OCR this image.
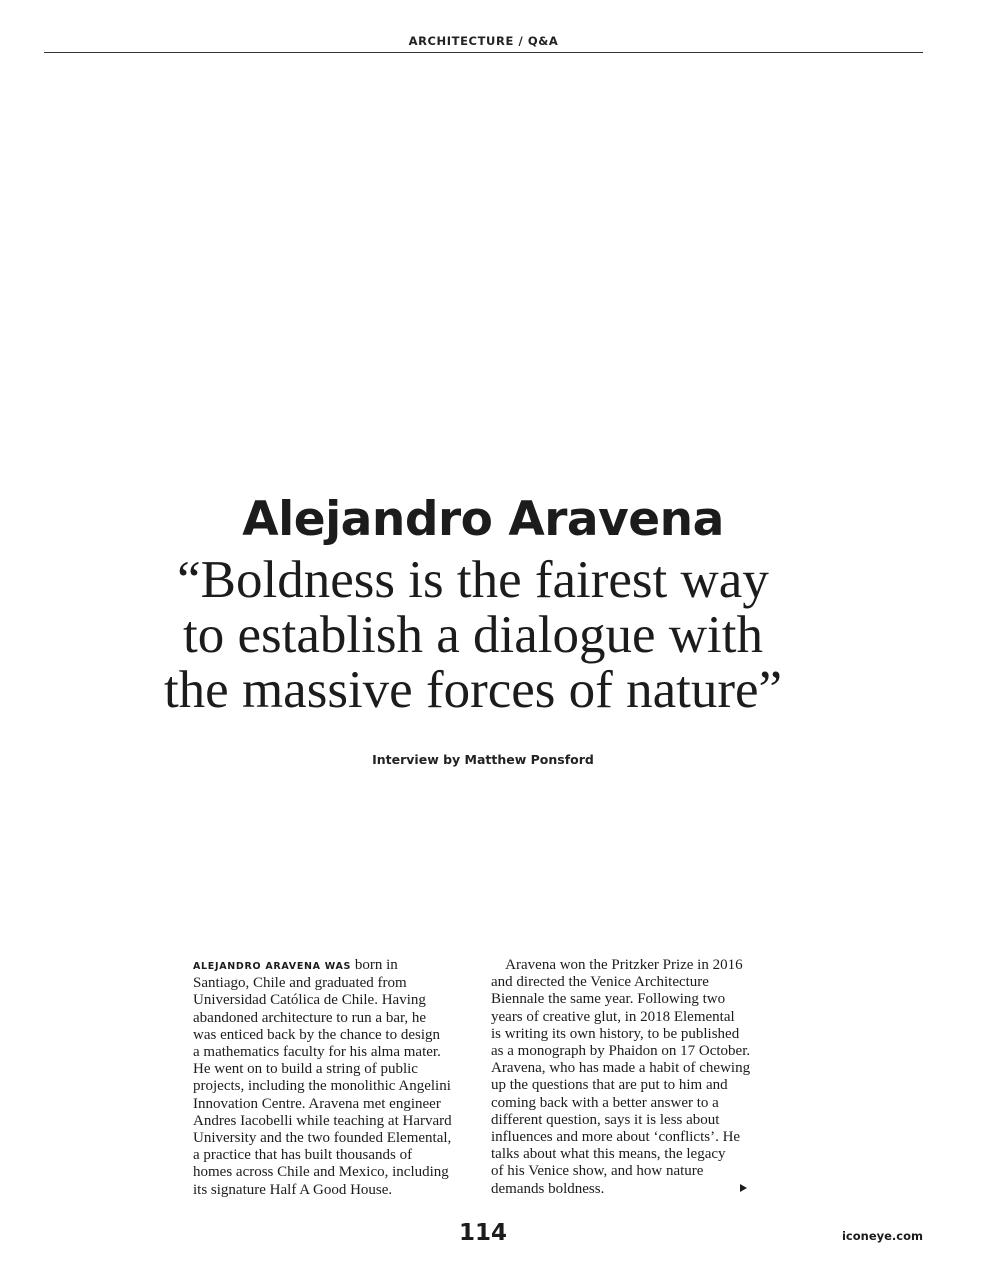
ARCHITECTURE / Q&A
Alejandro Aravena
“Boldness is the fairest way
to establish a dialogue with
the massive forces of nature”
Interview by Matthew Ponsford
ALEJANDRO ARAVENA WAS born in
Santiago, Chile and graduated from
Universidad Católica de Chile. Having
abandoned architecture to run a bar, he
was enticed back by the chance to design
a mathematics faculty for his alma mater.
He went on to build a string of public
projects, including the monolithic Angelini
Innovation Centre. Aravena met engineer
Andres Iacobelli while teaching at Harvard
University and the two founded Elemental,
a practice that has built thousands of
homes across Chile and Mexico, including
its signature Half A Good House.
Aravena won the Pritzker Prize in 2016
and directed the Venice Architecture
Biennale the same year. Following two
years of creative glut, in 2018 Elemental
is writing its own history, to be published
as a monograph by Phaidon on 17 October.
Aravena, who has made a habit of chewing
up the questions that are put to him and
coming back with a better answer to a
different question, says it is less about
influences and more about ‘conflicts’. He
talks about what this means, the legacy
of his Venice show, and how nature
demands boldness.
114	iconeye.com
